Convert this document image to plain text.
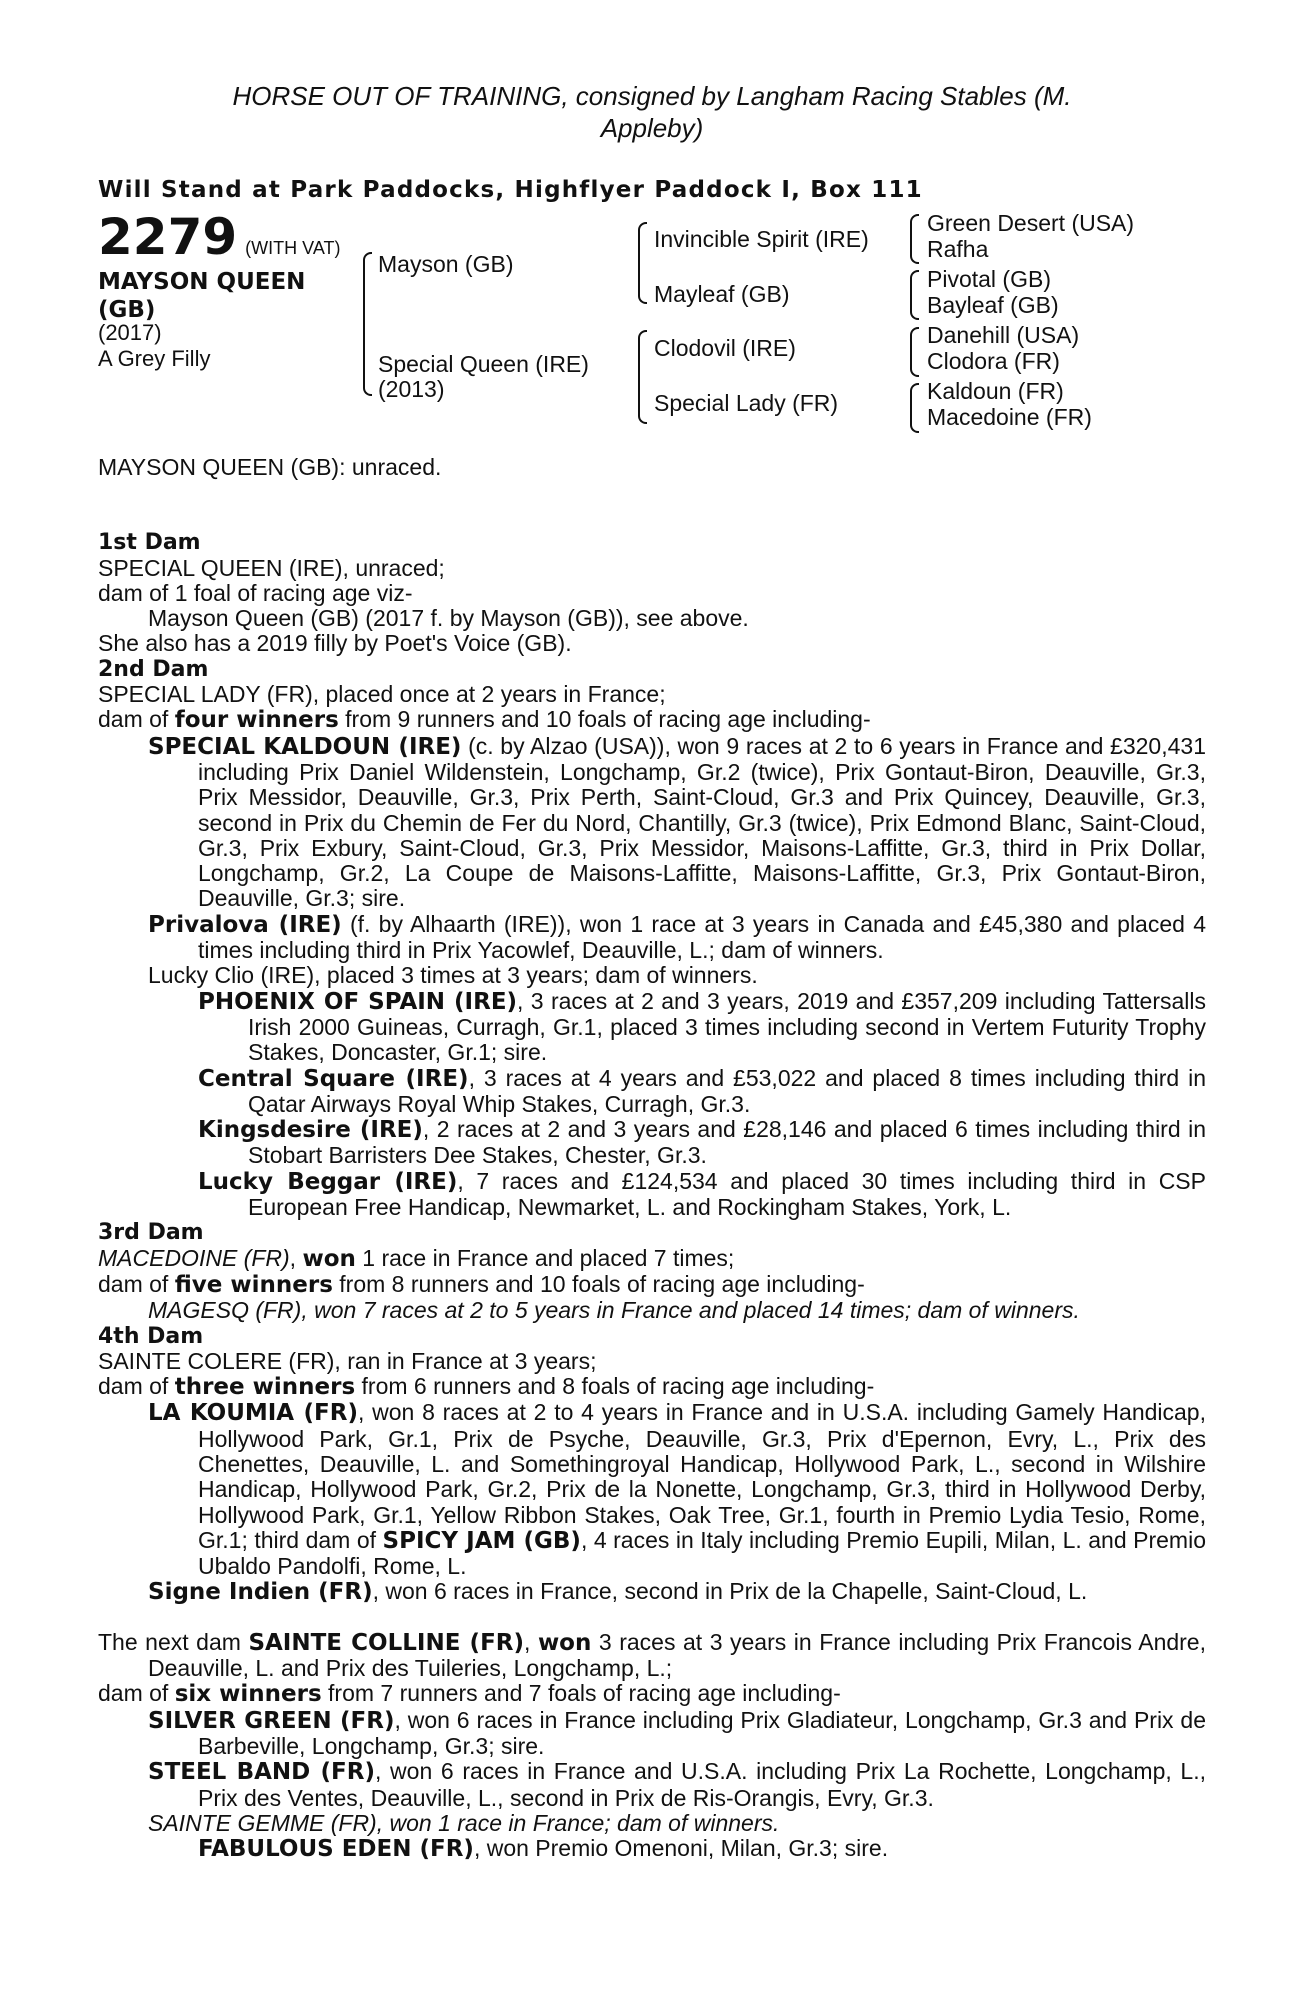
HORSE OUT OF TRAINING, consigned by Langham Racing Stables (M.
Appleby)
Will Stand at Park Paddocks, Highflyer Paddock I, Box 111
2279 (WITH VAT)
MAYSON QUEEN
(GB)
(2017)
A Grey Filly
Mayson (GB)
Special Queen (IRE)
(2013)
Invincible Spirit (IRE)
Mayleaf (GB)
Clodovil (IRE)
Special Lady (FR)
Green Desert (USA)
Rafha
Pivotal (GB)
Bayleaf (GB)
Danehill (USA)
Clodora (FR)
Kaldoun (FR)
Macedoine (FR)

MAYSON QUEEN (GB): unraced.

1st Dam

SPECIAL QUEEN (IRE), unraced;

dam of 1 foal of racing age viz-

Mayson Queen (GB) (2017 f. by Mayson (GB)), see above.

She also has a 2019 filly by Poet's Voice (GB).

2nd Dam

SPECIAL LADY (FR), placed once at 2 years in France;

dam of four winners from 9 runners and 10 foals of racing age including-

SPECIAL KALDOUN (IRE) (c. by Alzao (USA)), won 9 races at 2 to 6 years in France and £320,431 including Prix Daniel Wildenstein, Longchamp, Gr.2 (twice), Prix Gontaut-Biron, Deauville, Gr.3, Prix Messidor, Deauville, Gr.3, Prix Perth, Saint-Cloud, Gr.3 and Prix Quincey, Deauville, Gr.3, second in Prix du Chemin de Fer du Nord, Chantilly, Gr.3 (twice), Prix Edmond Blanc, Saint-Cloud, Gr.3, Prix Exbury, Saint-Cloud, Gr.3, Prix Messidor, Maisons-Laffitte, Gr.3, third in Prix Dollar, Longchamp, Gr.2, La Coupe de Maisons-Laffitte, Maisons-Laffitte, Gr.3, Prix Gontaut-Biron, Deauville, Gr.3; sire.

Privalova (IRE) (f. by Alhaarth (IRE)), won 1 race at 3 years in Canada and £45,380 and placed 4 times including third in Prix Yacowlef, Deauville, L.; dam of winners.

Lucky Clio (IRE), placed 3 times at 3 years; dam of winners.

PHOENIX OF SPAIN (IRE), 3 races at 2 and 3 years, 2019 and £357,209 including Tattersalls Irish 2000 Guineas, Curragh, Gr.1, placed 3 times including second in Vertem Futurity Trophy Stakes, Doncaster, Gr.1; sire.

Central Square (IRE), 3 races at 4 years and £53,022 and placed 8 times including third in Qatar Airways Royal Whip Stakes, Curragh, Gr.3.

Kingsdesire (IRE), 2 races at 2 and 3 years and £28,146 and placed 6 times including third in Stobart Barristers Dee Stakes, Chester, Gr.3.

Lucky Beggar (IRE), 7 races and £124,534 and placed 30 times including third in CSP European Free Handicap, Newmarket, L. and Rockingham Stakes, York, L.

3rd Dam

MACEDOINE (FR), won 1 race in France and placed 7 times;

dam of five winners from 8 runners and 10 foals of racing age including-

MAGESQ (FR), won 7 races at 2 to 5 years in France and placed 14 times; dam of winners.

4th Dam

SAINTE COLERE (FR), ran in France at 3 years;

dam of three winners from 6 runners and 8 foals of racing age including-

LA KOUMIA (FR), won 8 races at 2 to 4 years in France and in U.S.A. including Gamely Handicap, Hollywood Park, Gr.1, Prix de Psyche, Deauville, Gr.3, Prix d'Epernon, Evry, L., Prix des Chenettes, Deauville, L. and Somethingroyal Handicap, Hollywood Park, L., second in Wilshire Handicap, Hollywood Park, Gr.2, Prix de la Nonette, Longchamp, Gr.3, third in Hollywood Derby, Hollywood Park, Gr.1, Yellow Ribbon Stakes, Oak Tree, Gr.1, fourth in Premio Lydia Tesio, Rome, Gr.1; third dam of SPICY JAM (GB), 4 races in Italy including Premio Eupili, Milan, L. and Premio Ubaldo Pandolfi, Rome, L.

Signe Indien (FR), won 6 races in France, second in Prix de la Chapelle, Saint-Cloud, L.

The next dam SAINTE COLLINE (FR), won 3 races at 3 years in France including Prix Francois Andre, Deauville, L. and Prix des Tuileries, Longchamp, L.;

dam of six winners from 7 runners and 7 foals of racing age including-

SILVER GREEN (FR), won 6 races in France including Prix Gladiateur, Longchamp, Gr.3 and Prix de Barbeville, Longchamp, Gr.3; sire.

STEEL BAND (FR), won 6 races in France and U.S.A. including Prix La Rochette, Longchamp, L., Prix des Ventes, Deauville, L., second in Prix de Ris-Orangis, Evry, Gr.3.

SAINTE GEMME (FR), won 1 race in France; dam of winners.

FABULOUS EDEN (FR), won Premio Omenoni, Milan, Gr.3; sire.
